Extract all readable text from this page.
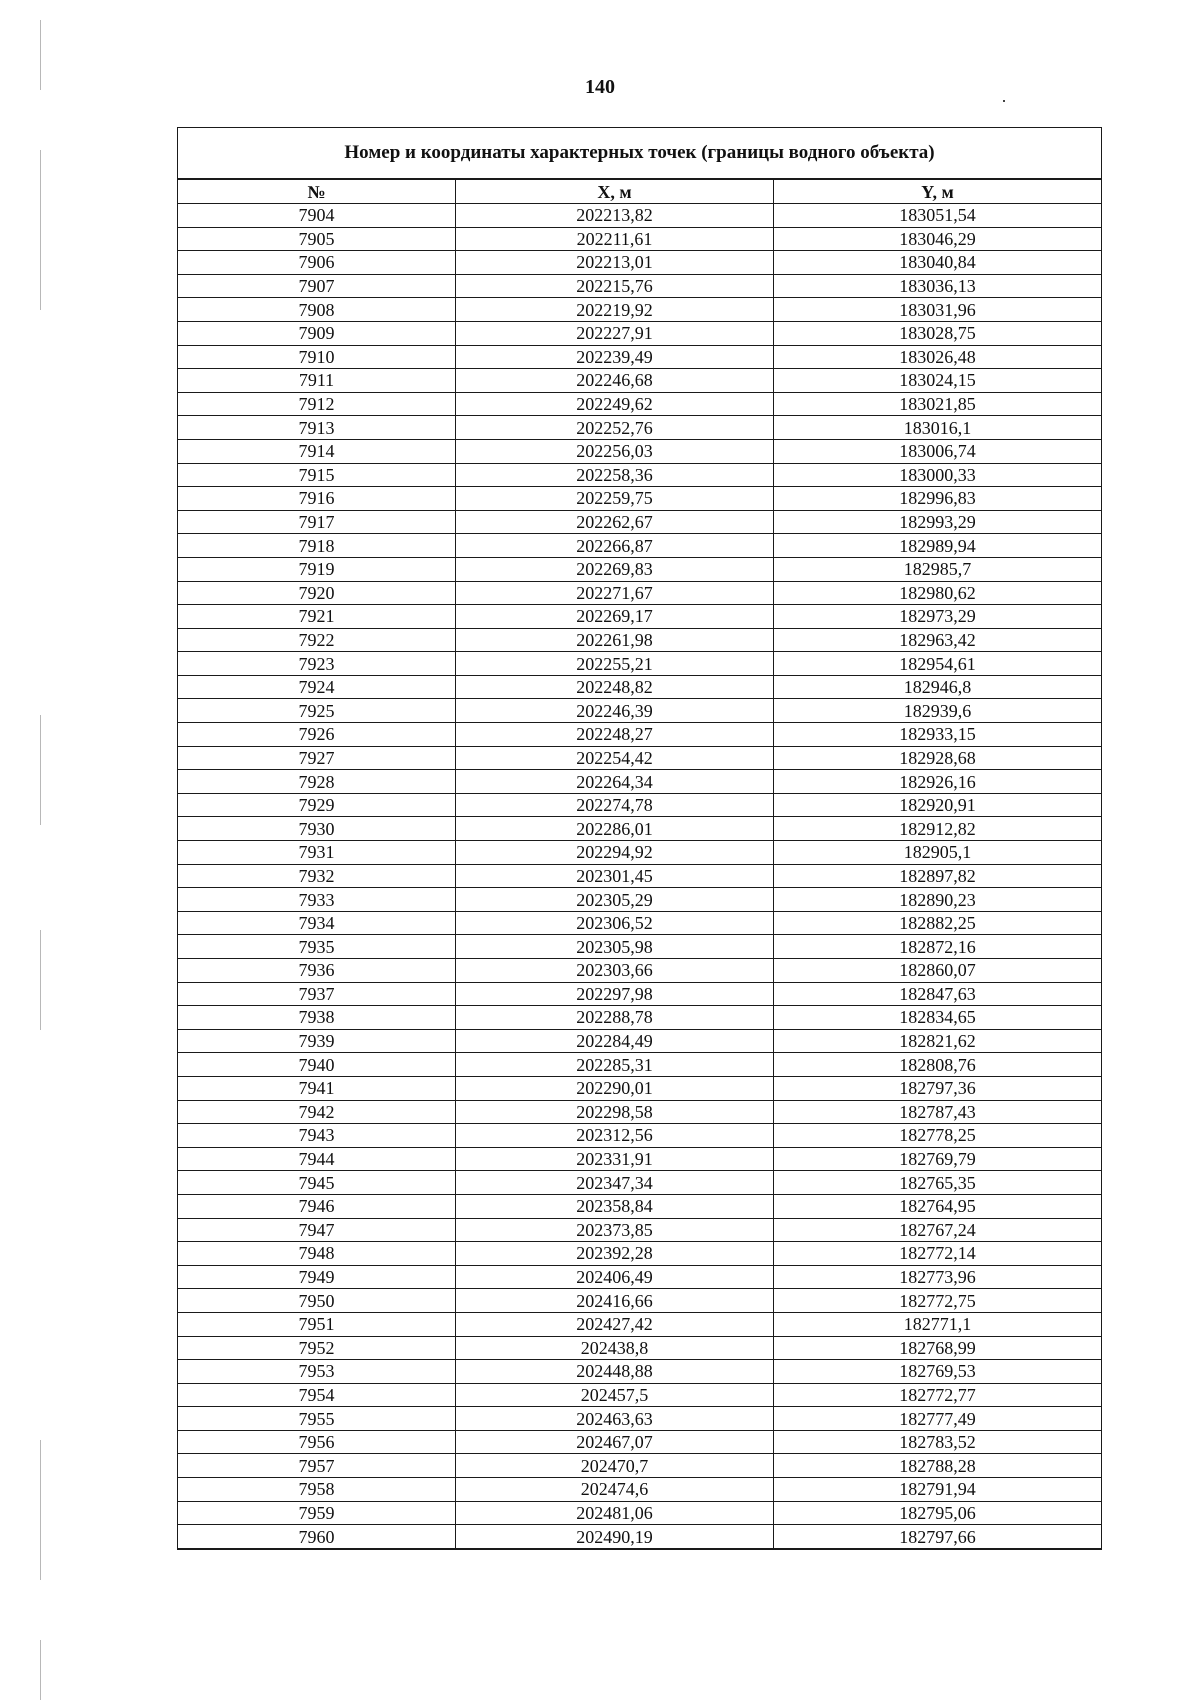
140
Номер и координаты характерных точек (границы водного объекта)		
№	X, м	Y, м
7904	202213,82	183051,54
7905	202211,61	183046,29
7906	202213,01	183040,84
7907	202215,76	183036,13
7908	202219,92	183031,96
7909	202227,91	183028,75
7910	202239,49	183026,48
7911	202246,68	183024,15
7912	202249,62	183021,85
7913	202252,76	183016,1
7914	202256,03	183006,74
7915	202258,36	183000,33
7916	202259,75	182996,83
7917	202262,67	182993,29
7918	202266,87	182989,94
7919	202269,83	182985,7
7920	202271,67	182980,62
7921	202269,17	182973,29
7922	202261,98	182963,42
7923	202255,21	182954,61
7924	202248,82	182946,8
7925	202246,39	182939,6
7926	202248,27	182933,15
7927	202254,42	182928,68
7928	202264,34	182926,16
7929	202274,78	182920,91
7930	202286,01	182912,82
7931	202294,92	182905,1
7932	202301,45	182897,82
7933	202305,29	182890,23
7934	202306,52	182882,25
7935	202305,98	182872,16
7936	202303,66	182860,07
7937	202297,98	182847,63
7938	202288,78	182834,65
7939	202284,49	182821,62
7940	202285,31	182808,76
7941	202290,01	182797,36
7942	202298,58	182787,43
7943	202312,56	182778,25
7944	202331,91	182769,79
7945	202347,34	182765,35
7946	202358,84	182764,95
7947	202373,85	182767,24
7948	202392,28	182772,14
7949	202406,49	182773,96
7950	202416,66	182772,75
7951	202427,42	182771,1
7952	202438,8	182768,99
7953	202448,88	182769,53
7954	202457,5	182772,77
7955	202463,63	182777,49
7956	202467,07	182783,52
7957	202470,7	182788,28
7958	202474,6	182791,94
7959	202481,06	182795,06
7960	202490,19	182797,66
